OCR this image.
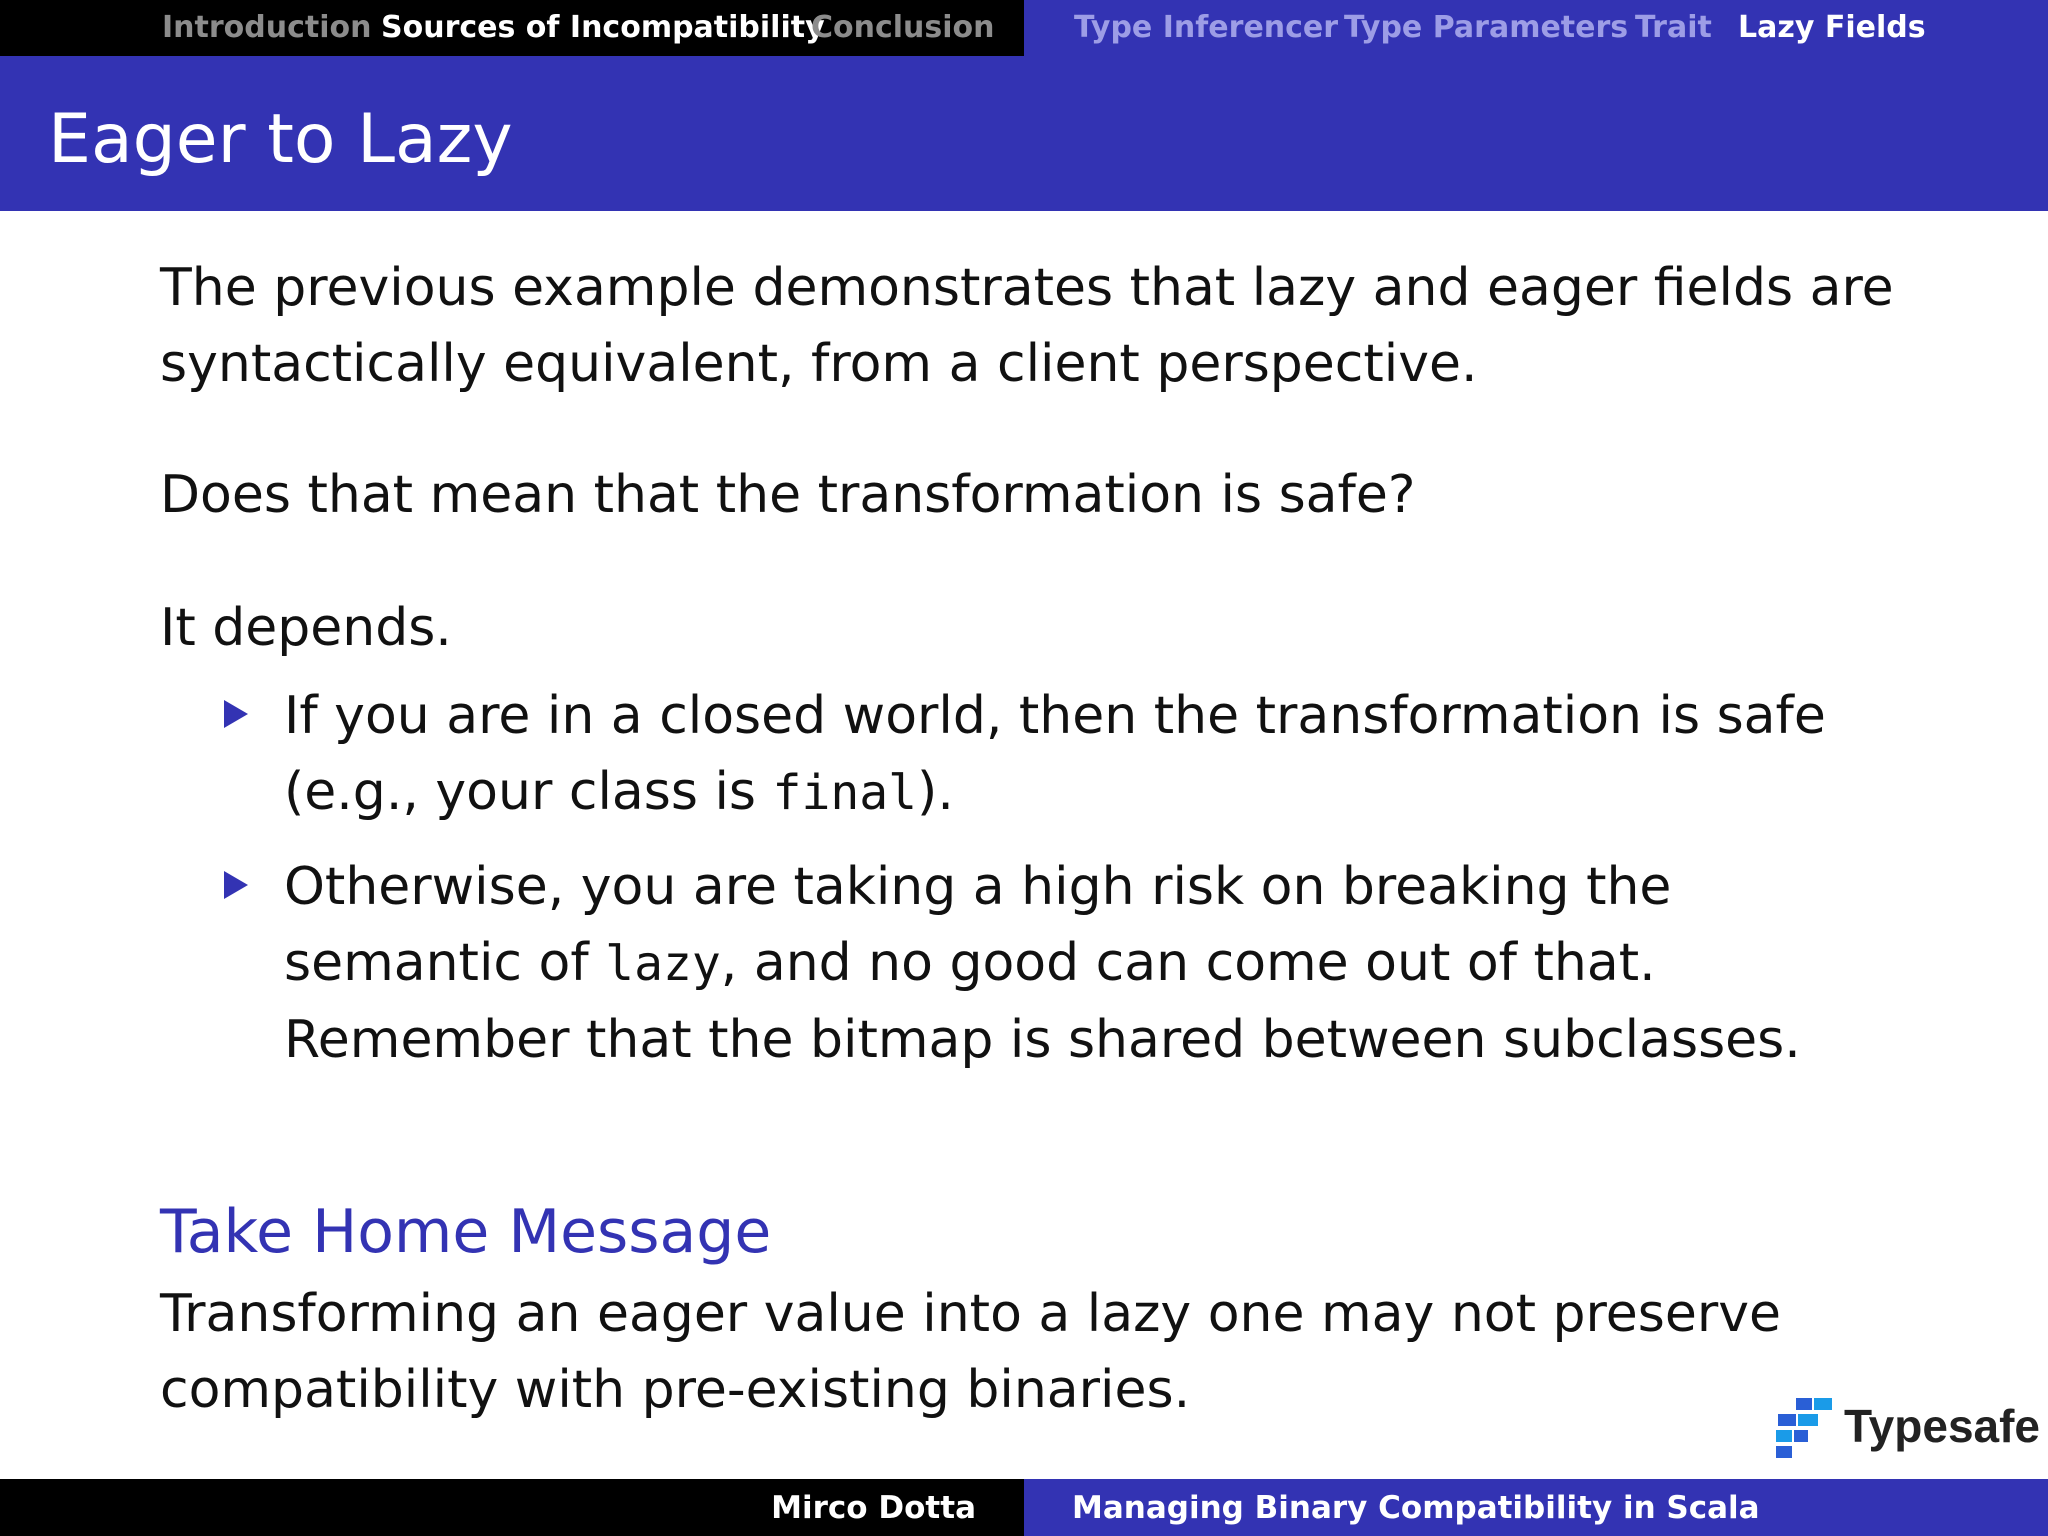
Introduction Sources of Incompatibility
Conclusion	Type Inferencer Type Parameters Trait Lazy Fields
Eager to Lazy

The previous example demonstrates that lazy and eager fields are syntactically equivalent, from a client perspective.

Does that mean that the transformation is safe?

It depends.

If you are in a closed world, then the transformation is safe (e.g., your class is final).
Otherwise, you are taking a high risk on breaking the semantic of lazy, and no good can come out of that. Remember that the bitmap is shared between subclasses.
Take Home Message

Transforming an eager value into a lazy one may not preserve compatibility with pre-existing binaries.

Typesafe
Mirco Dotta	Managing Binary Compatibility in Scala
